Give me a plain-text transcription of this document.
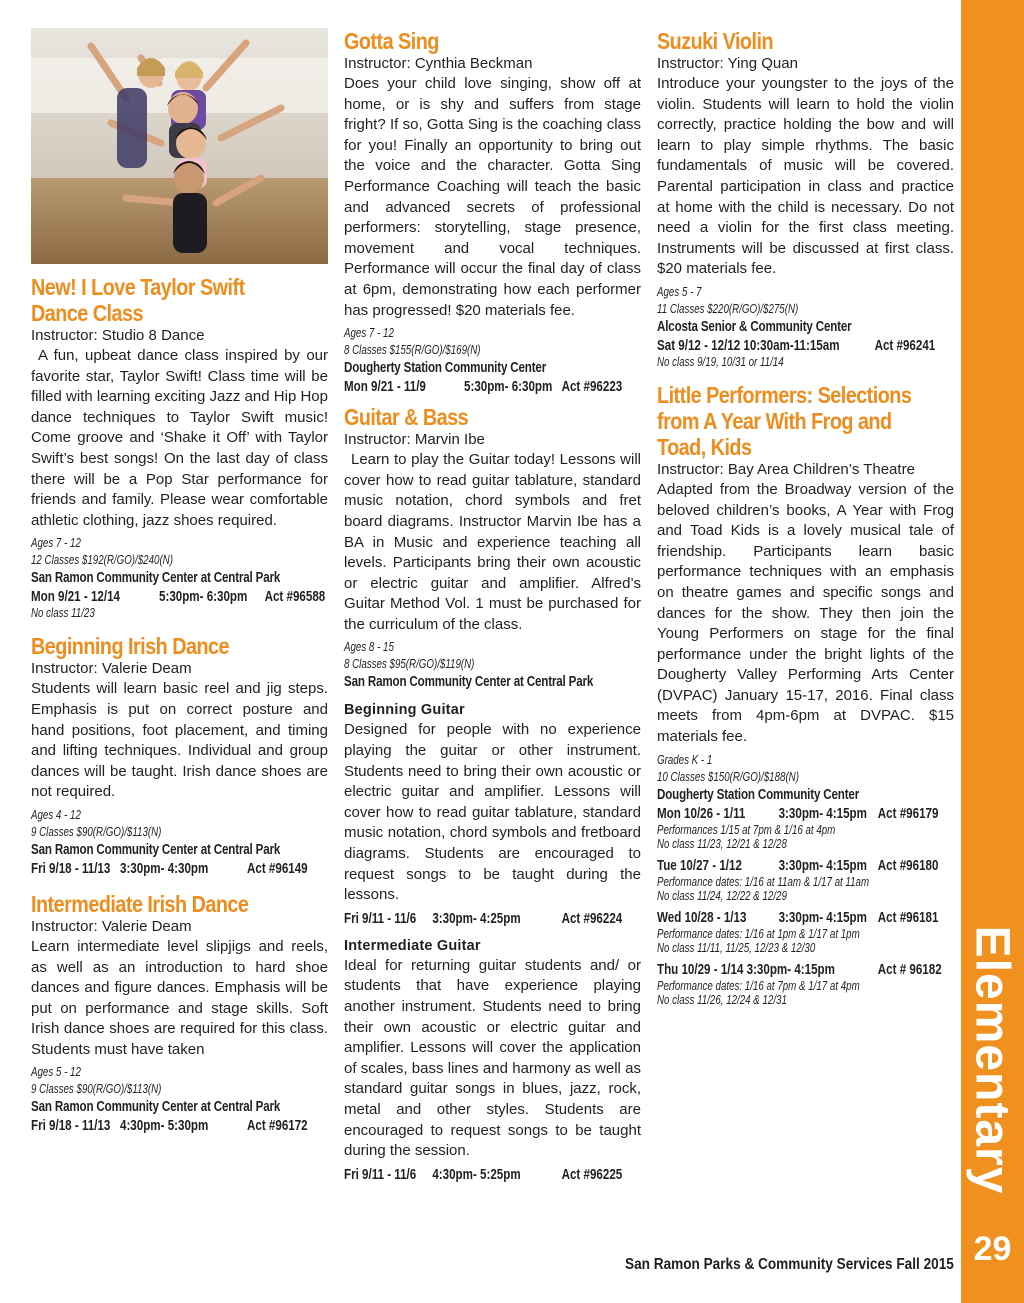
New! I Love Taylor Swift
Dance Class
Instructor: Studio 8 Dance
A fun, upbeat dance class inspired by our favorite star, Taylor Swift! Class time will be filled with learning exciting Jazz and Hip Hop dance techniques to Taylor Swift music! Come groove and ‘Shake it Off’ with Taylor Swift’s best songs! On the last day of class there will be a Pop Star performance for friends and family. Please wear comfortable athletic clothing, jazz shoes required.
Ages 7 - 12
12 Classes $192(R/GO)/$240(N)
San Ramon Community Center at Central Park
Mon 9/21 - 12/14	5:30pm- 6:30pm	Act #96588
No class 11/23
Beginning Irish Dance
Instructor: Valerie Deam
Students will learn basic reel and jig steps. Emphasis is put on correct posture and hand positions, foot placement, and timing and lifting techniques. Individual and group dances will be taught. Irish dance shoes are not required.
Ages 4 - 12
9 Classes $90(R/GO)/$113(N)
San Ramon Community Center at Central Park
Fri 9/18 - 11/13   3:30pm- 4:30pm	Act #96149
Intermediate Irish Dance
Instructor: Valerie Deam
Learn intermediate level slipjigs and reels, as well as an introduction to hard shoe dances and figure dances. Emphasis will be put on performance and stage skills. Soft Irish dance shoes are required for this class. Students must have taken
Ages 5 - 12
9 Classes $90(R/GO)/$113(N)
San Ramon Community Center at Central Park
Fri 9/18 - 11/13   4:30pm- 5:30pm	Act #96172
Gotta Sing
Instructor: Cynthia Beckman
Does your child love singing, show off at home, or is shy and suffers from stage fright? If so, Gotta Sing is the coaching class for you! Finally an opportunity to bring out the voice and the character. Gotta Sing Performance Coaching will teach the basic and advanced secrets of professional performers: storytelling, stage presence, movement and vocal techniques. Performance will occur the final day of class at 6pm, demonstrating how each performer has progressed! $20 materials fee.
Ages 7 - 12
8 Classes $155(R/GO)/$169(N)
Dougherty Station Community Center
Mon 9/21 - 11/9	5:30pm- 6:30pm Act #96223
Guitar & Bass
Instructor: Marvin Ibe
Learn to play the Guitar today! Lessons will cover how to read guitar tablature, standard music notation, chord symbols and fret board diagrams. Instructor Marvin Ibe has a BA in Music and experience teaching all levels. Participants bring their own acoustic or electric guitar and amplifier. Alfred’s Guitar Method Vol. 1 must be purchased for the curriculum of the class.
Ages 8 - 15
8 Classes $95(R/GO)/$119(N)
San Ramon Community Center at Central Park
Beginning Guitar
Designed for people with no experience playing the guitar or other instrument. Students need to bring their own acoustic or electric guitar and amplifier. Lessons will cover how to read guitar tablature, standard music notation, chord symbols and fretboard diagrams. Students are encouraged to request songs to be taught during the lessons.
Fri 9/11 - 11/6     3:30pm- 4:25pm	Act #96224
Intermediate Guitar
Ideal for returning guitar students and/ or students that have experience playing another instrument. Students need to bring their own acoustic or electric guitar and amplifier. Lessons will cover the application of scales, bass lines and harmony as well as standard guitar songs in blues, jazz, rock, metal and other styles. Students are encouraged to request songs to be taught during the session.
Fri 9/11 - 11/6     4:30pm- 5:25pm	Act #96225
Suzuki Violin
Instructor: Ying Quan
Introduce your youngster to the joys of the violin. Students will learn to hold the violin correctly, practice holding the bow and will learn to play simple rhythms. The basic fundamentals of music will be covered. Parental participation in class and practice at home with the child is necessary. Do not need a violin for the first class meeting. Instruments will be discussed at first class. $20 materials fee.
Ages 5 - 7
11 Classes $220(R/GO)/$275(N)
Alcosta Senior & Community Center
Sat 9/12 - 12/12 10:30am-11:15am	Act #96241
No class 9/19, 10/31 or 11/14
Little Performers: Selections
from A Year With Frog and
Toad, Kids
Instructor: Bay Area Children’s Theatre
Adapted from the Broadway version of the beloved children’s books, A Year with Frog and Toad Kids is a lovely musical tale of friendship. Participants learn basic performance techniques with an emphasis on theatre games and specific songs and dances for the show. They then join the Young Performers on stage for the final performance under the bright lights of the Dougherty Valley Performing Arts Center (DVPAC) January 15-17, 2016. Final class meets from 4pm-6pm at DVPAC. $15 materials fee.
Grades K - 1
10 Classes $150(R/GO)/$188(N)
Dougherty Station Community Center
Mon 10/26 - 1/11	3:30pm- 4:15pm Act #96179
Performances 1/15 at 7pm & 1/16 at 4pm
No class 11/23, 12/21 & 12/28
Tue 10/27 - 1/12	3:30pm- 4:15pm Act #96180
Performance dates: 1/16 at 11am & 1/17 at 11am
No class 11/24, 12/22 & 12/29
Wed 10/28 - 1/13	3:30pm- 4:15pm Act #96181
Performance dates: 1/16 at 1pm & 1/17 at 1pm
No class 11/11, 11/25, 12/23 & 12/30
Thu 10/29 - 1/14 3:30pm- 4:15pm	Act # 96182
Performance dates: 1/16 at 7pm & 1/17 at 4pm
No class 11/26, 12/24 & 12/31	Elementary
29
San Ramon Parks & Community Services Fall 2015
